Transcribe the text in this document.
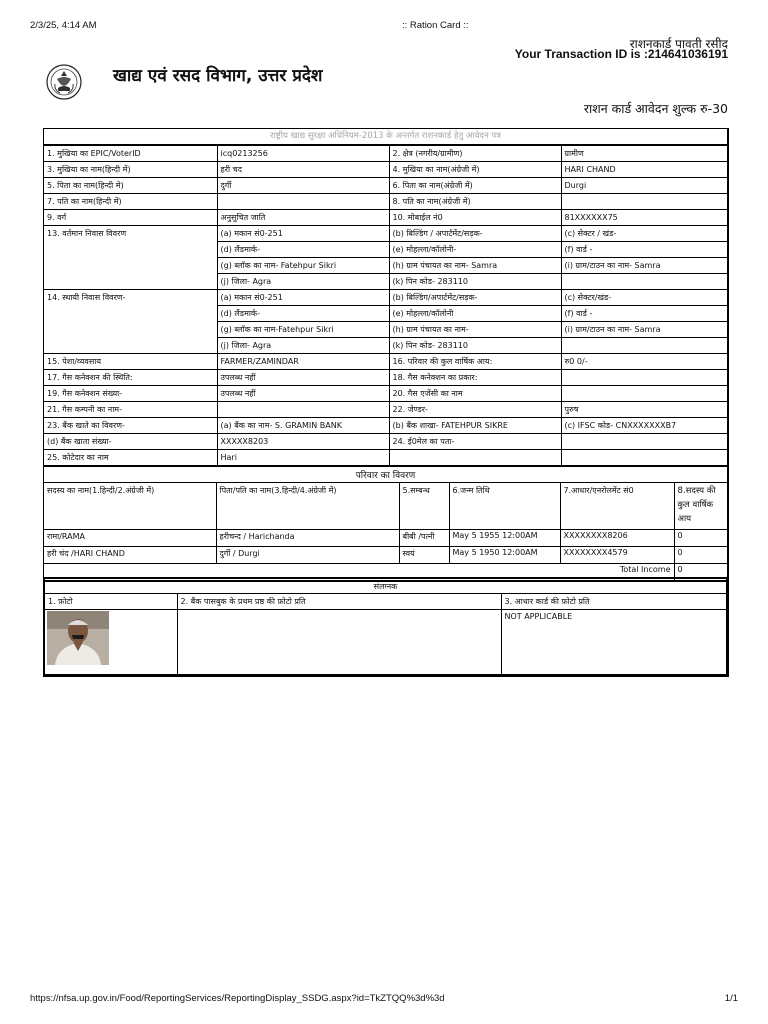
2/3/25, 4:14 AM	:: Ration Card ::
खाद्य एवं रसद विभाग, उत्तर प्रदेश
राशनकार्ड पावती रसीद
Your Transaction ID is :214641036191
राशन कार्ड आवेदन शुल्क रु-30
राष्ट्रीय खाद्य सुरक्षा अधिनियम-2013 के अन्तर्गत राशनकार्ड हेतु आवेदन पत्र
1. मुखिया का EPIC/VoterID	icq0213256	2. क्षेत्र (नगरीय/ग्रामीण)	ग्रामीण
3. मुखिया का नाम(हिन्दी में)	हरी चद	4. मुखिया का नाम(अंग्रेजी में)	HARI CHAND
5. पिता का नाम(हिन्दी मे)	दुर्गी	6. पिता का नाम(अंग्रेजी में)	Durgi
7. पति का नाम(हिन्दी में)		8. पति का नाम(अंग्रेजी में)	
9. वर्ग	अनुसुचित जाति	10. मोबाईल नं0	81XXXXXX75
13. वर्तमान निवास विवरण	(a) मकान सं0-251	(b) बिल्डिंग / अपार्टमेंट/सड़क-	(c) सेक्टर / खंड-
	(d) लैंडमार्क-	(e) मोहल्ला/कॉलोनी-	(f) वार्ड -
	(g) ब्लॉक का नाम- Fatehpur Sikri	(h) ग्राम पंचायत का नाम- Samra	(i) ग्राम/टाउन का नाम- Samra
	(j) जिला- Agra	(k) पिन कोड- 283110	
14. स्थायी निवास विवरण-	(a) मकान सं0-251	(b) बिल्डिंग/अपार्टमेंट/सड़क-	(c) सेक्टर/खंड-
	(d) लैंडमार्क-	(e) मोहल्ला/कॉलोनी	(f) वार्ड -
	(g) ब्लॉक का नाम-Fatehpur Sikri	(h) ग्राम पंचायत का नाम-	(i) ग्राम/टाउन का नाम- Samra
	(j) जिला- Agra	(k) पिन कोड- 283110	
15. पेशा/व्यवसाय	FARMER/ZAMINDAR	16. परिवार की कुल वार्षिक आय:	रु0 0/-
17. गैस कनेक्शन की स्थिति:	उपलब्ध नहीं	18. गैस कनेक्शन का प्रकार:	
19. गैस कनेक्शन संख्या-	उपलब्ध नहीं	20. गैस एजेंसी का नाम	
21. गैस कम्पनी का नाम-		22. जेण्डर-	पुरुष
23. बैंक खाते का विवरण-	(a) बैंक का नाम- S. GRAMIN BANK	(b) बैंक शाखा- FATEHPUR SIKRE	(c) IFSC कोड- CNXXXXXXXB7
(d) बैंक खाता संख्या-	XXXXX8203	24. ई0मेल का पता-	
25. कोटेदार का नाम	Hari		
परिवार का विवरण					
सदस्य का नाम(1.हिन्दी/2.अंग्रेजी में)	पिता/पति का नाम(3.हिन्दी/4.अंग्रेजी में)	5.सम्बन्ध	6.जन्म तिथि	7.आधार/एनरोलमेंट सं0	8.सदस्य की कुल वार्षिक आय
रामा/RAMA	हरीचन्द / Harichanda	बीबी /पत्नी	May 5 1955 12:00AM	XXXXXXXX8206	0
हरी चंद /HARI CHAND	दुर्गी / Durgi	स्वयं	May 5 1950 12:00AM	XXXXXXXX4579	0
Total Income					0
संलग्नक		
1. फ़ोटो	2. बैंक पासबुक के प्रथम प्रष्ठ की फ़ोटो प्रति	3. आधार कार्ड की फ़ोटो प्रति

		NOT APPLICABLE
https://nfsa.up.gov.in/Food/ReportingServices/ReportingDisplay_SSDG.aspx?id=TkZTQQ%3d%3d	1/1
